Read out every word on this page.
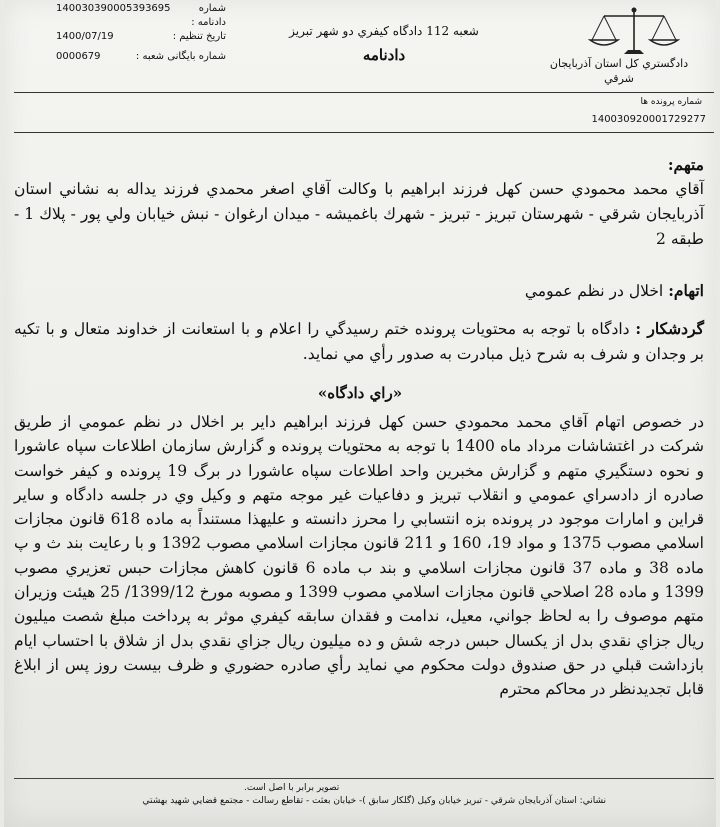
140030390005393695	شماره دادنامه :
1400/07/19	تاریخ تنظیم :
0000679	شماره بایگانی شعبه :
شعبه 112 دادگاه کیفري دو شهر تبریز
دادنامه	دادگستري كل استان آذربايجان شرقي
شماره پرونده ها
140030920001729277
متهم:
آقاي محمد محمودي حسن كهل فرزند ابراهيم با وكالت آقاي اصغر محمدي فرزند يداله به نشاني استان آذربايجان شرقي - شهرستان تبريز - تبريز - شهرك باغميشه - ميدان ارغوان - نبش خيابان ولي پور - پلاك 1 - طبقه 2
اتهام: اخلال در نظم عمومي
گردشكار : دادگاه با توجه به محتويات پرونده ختم رسيدگي را اعلام و با استعانت از خداوند متعال و با تكيه بر وجدان و شرف به شرح ذيل مبادرت به صدور رأي مي نمايد.
«راي دادگاه»
در خصوص اتهام آقاي محمد محمودي حسن كهل فرزند ابراهيم داير بر اخلال در نظم عمومي از طريق شركت در اغتشاشات مرداد ماه 1400 با توجه به محتويات پرونده و گزارش سازمان اطلاعات سپاه عاشورا و نحوه دستگيري متهم و گزارش مخبرين واحد اطلاعات سپاه عاشورا در برگ 19 پرونده و كيفر خواست صادره از دادسراي عمومي و انقلاب تبريز و دفاعيات غير موجه متهم و وكيل وي در جلسه دادگاه و ساير قراين و امارات موجود در پرونده بزه انتسابي را محرز دانسته و عليهذا مستنداً به ماده 618 قانون مجازات اسلامي مصوب 1375 و مواد 19، 160 و 211 قانون مجازات اسلامي مصوب 1392 و با رعايت بند ث و پ ماده 38 و ماده 37 قانون مجازات اسلامي و بند ب ماده 6 قانون كاهش مجازات حبس تعزيري مصوب 1399 و ماده 28 اصلاحي قانون مجازات اسلامي مصوب 1399 و مصوبه مورخ 1399/12/ 25 هيئت وزيران متهم موصوف را به لحاظ جواني، معيل، ندامت و فقدان سابقه كيفري موثر به پرداخت مبلغ شصت ميليون ريال جزاي نقدي بدل از يكسال حبس درجه شش و ده ميليون ريال جزاي نقدي بدل از شلاق با احتساب ايام بازداشت قبلي در حق صندوق دولت محكوم مي نمايد رأي صادره حضوري و ظرف بيست روز پس از ابلاغ قابل تجديدنظر در محاكم محترم
تصوير برابر با اصل است.
نشاني: استان آذربايجان شرقي - تبريز خيابان وكيل (گلكار سابق )- خيابان بعثت - تقاطع رسالت - مجتمع قضايي شهيد بهشتي
